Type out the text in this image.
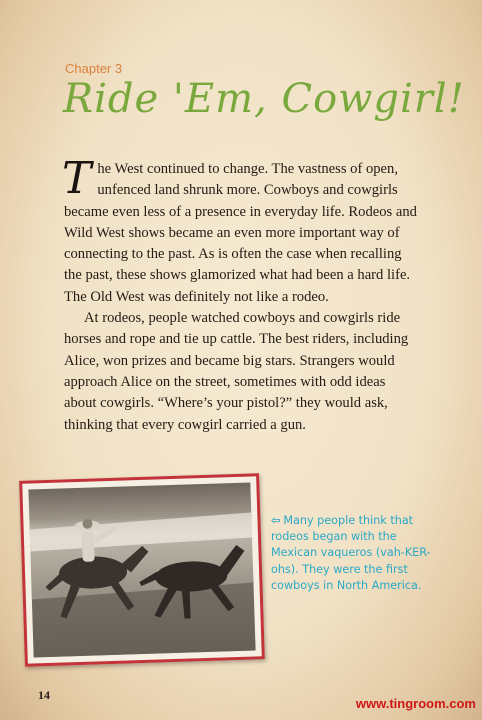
Chapter 3
Ride 'Em, Cowgirl!

T he West continued to change. The vastness of open, unfenced land shrunk more. Cowboys and cowgirls became even less of a presence in everyday life. Rodeos and Wild West shows became an even more important way of connecting to the past. As is often the case when recalling the past, these shows glamorized what had been a hard life. The Old West was definitely not like a rodeo.

At rodeos, people watched cowboys and cowgirls ride horses and rope and tie up cattle. The best riders, including Alice, won prizes and became big stars. Strangers would approach Alice on the street, sometimes with odd ideas about cowgirls. “Where’s your pistol?” they would ask, thinking that every cowgirl carried a gun.

⇦ Many people think that rodeos began with the Mexican vaqueros (vah-KER-ohs). They were the first cowboys in North America.
14
www.tingroom.com
